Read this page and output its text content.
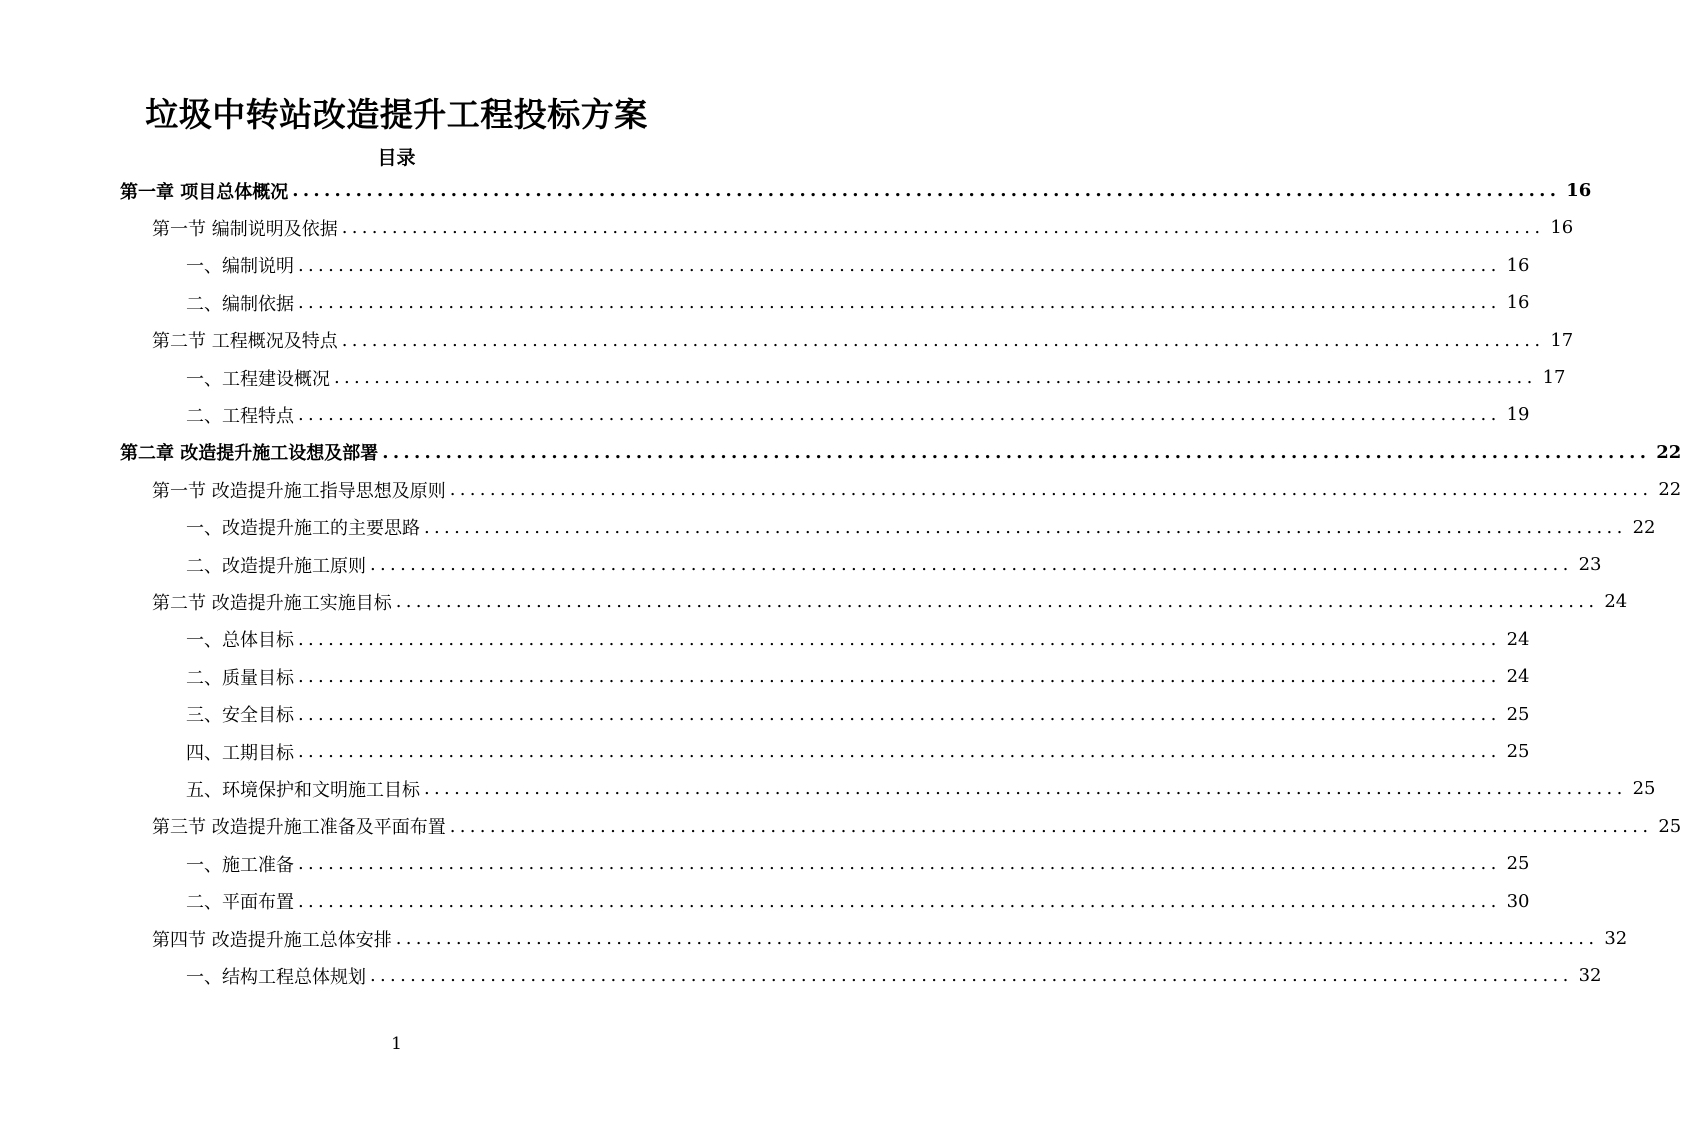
垃圾中转站改造提升工程投标方案
目录
第一章 项目总体概况 ........................................................................................................................ 16
第一节 编制说明及依据 ........................................................................................................................ 16
一、编制说明 ........................................................................................................................ 16
二、编制依据 ........................................................................................................................ 16
第二节 工程概况及特点 ........................................................................................................................ 17
一、工程建设概况 ........................................................................................................................ 17
二、工程特点 ........................................................................................................................ 19
第二章 改造提升施工设想及部署 ........................................................................................................................ 22
第一节 改造提升施工指导思想及原则 ........................................................................................................................ 22
一、改造提升施工的主要思路 ........................................................................................................................ 22
二、改造提升施工原则 ........................................................................................................................ 23
第二节 改造提升施工实施目标 ........................................................................................................................ 24
一、总体目标 ........................................................................................................................ 24
二、质量目标 ........................................................................................................................ 24
三、安全目标 ........................................................................................................................ 25
四、工期目标 ........................................................................................................................ 25
五、环境保护和文明施工目标 ........................................................................................................................ 25
第三节 改造提升施工准备及平面布置 ........................................................................................................................ 25
一、施工准备 ........................................................................................................................ 25
二、平面布置 ........................................................................................................................ 30
第四节 改造提升施工总体安排 ........................................................................................................................ 32
一、结构工程总体规划 ........................................................................................................................ 32
1
